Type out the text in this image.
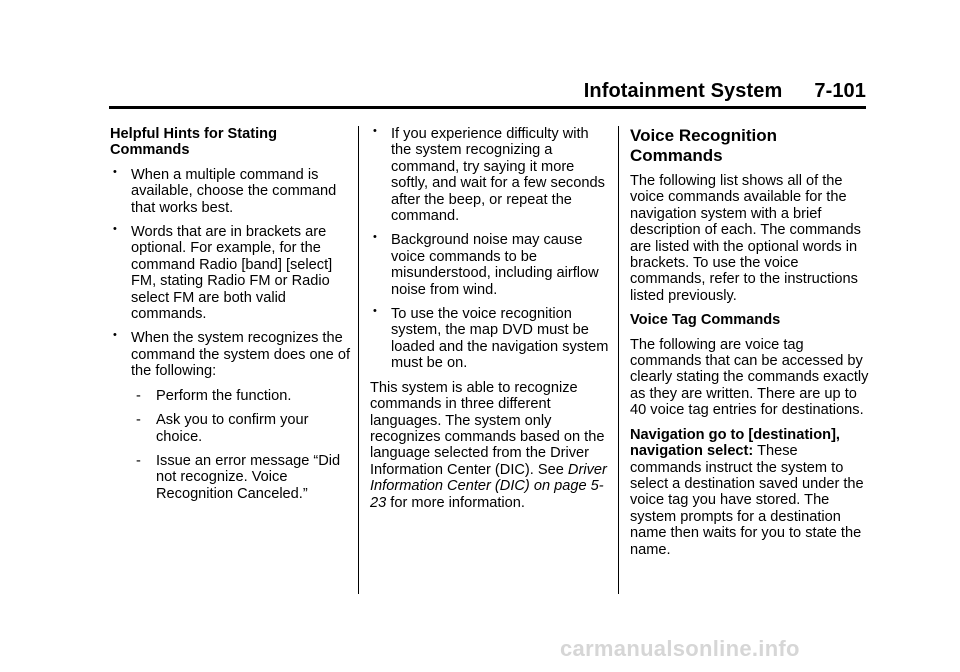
Infotainment System 7-101

Helpful Hints for Stating Commands

• When a multiple command is available, choose the command that works best.
• Words that are in brackets are optional. For example, for the command Radio [band] [select] FM, stating Radio FM or Radio select FM are both valid commands.
• When the system recognizes the command the system does one of the following:
- Perform the function.
- Ask you to confirm your choice.
- Issue an error message “Did not recognize. Voice Recognition Canceled.”
• If you experience difficulty with the system recognizing a command, try saying it more softly, and wait for a few seconds after the beep, or repeat the command.
• Background noise may cause voice commands to be misunderstood, including airflow noise from wind.
• To use the voice recognition system, the map DVD must be loaded and the navigation system must be on.

This system is able to recognize commands in three different languages. The system only recognizes commands based on the language selected from the Driver Information Center (DIC). See Driver Information Center (DIC) on page 5-23 for more information.

Voice Recognition Commands

The following list shows all of the voice commands available for the navigation system with a brief description of each. The commands are listed with the optional words in brackets. To use the voice commands, refer to the instructions listed previously.

Voice Tag Commands

The following are voice tag commands that can be accessed by clearly stating the commands exactly as they are written. There are up to 40 voice tag entries for destinations.

Navigation go to [destination], navigation select: These commands instruct the system to select a destination saved under the voice tag you have stored. The system prompts for a destination name then waits for you to state the name.

carmanualsonline.info
